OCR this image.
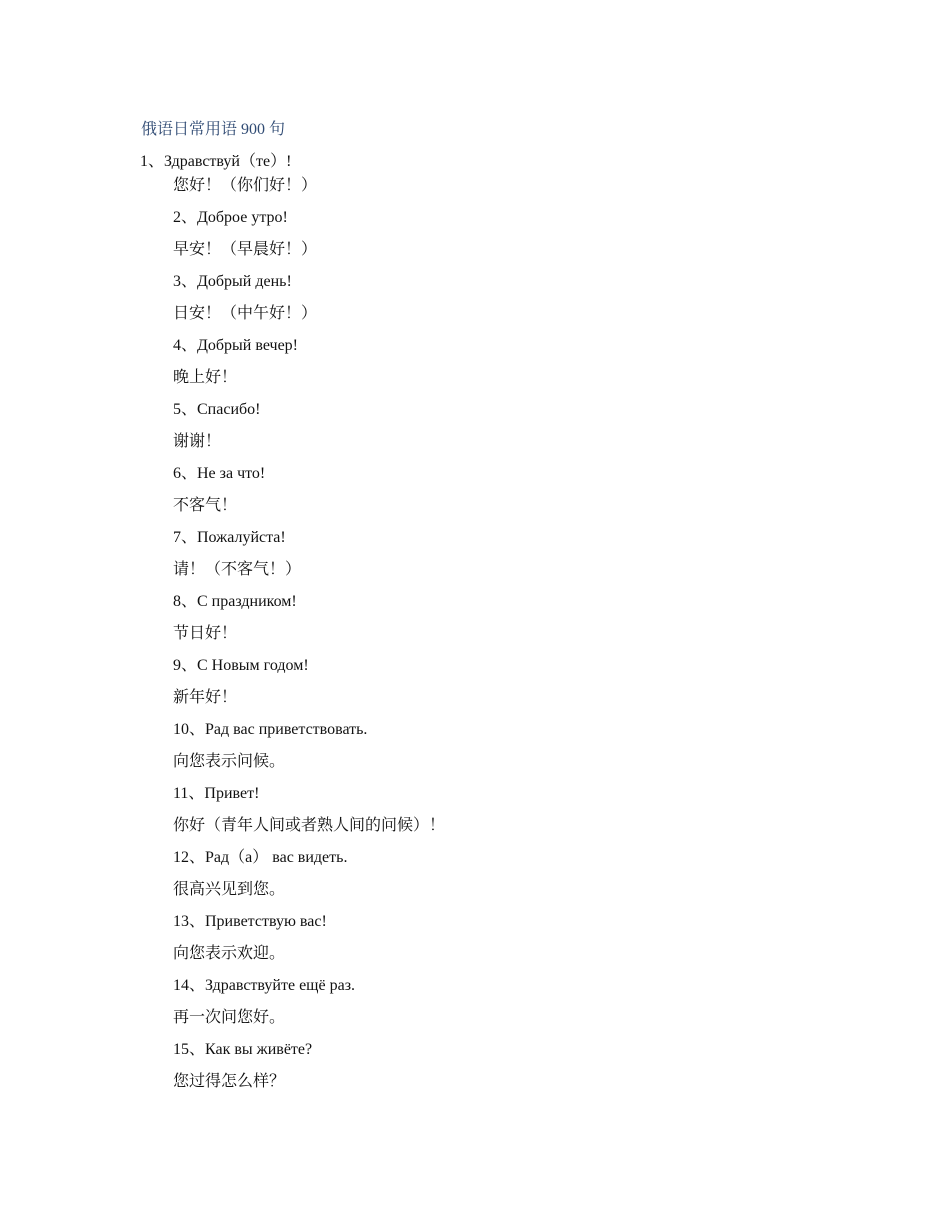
俄语日常用语 900 句
1、Здравствуй（те）!
您好！（你们好！）
2、Доброе утро!
早安！（早晨好！）
3、Добрый день!
日安！（中午好！）
4、Добрый вечер!
晚上好！
5、Спасибо!
谢谢！
6、Не за что!
不客气！
7、Пожалуйста!
请！（不客气！）
8、С праздником!
节日好！
9、С Новым годом!
新年好！
10、Рад вас приветствовать.
向您表示问候。
11、Привет!
你好（青年人间或者熟人间的问候）！
12、Рад（а） вас видеть.
很高兴见到您。
13、Приветствую вас!
向您表示欢迎。
14、Здравствуйте ещё раз.
再一次问您好。
15、Как вы живёте?
您过得怎么样？
